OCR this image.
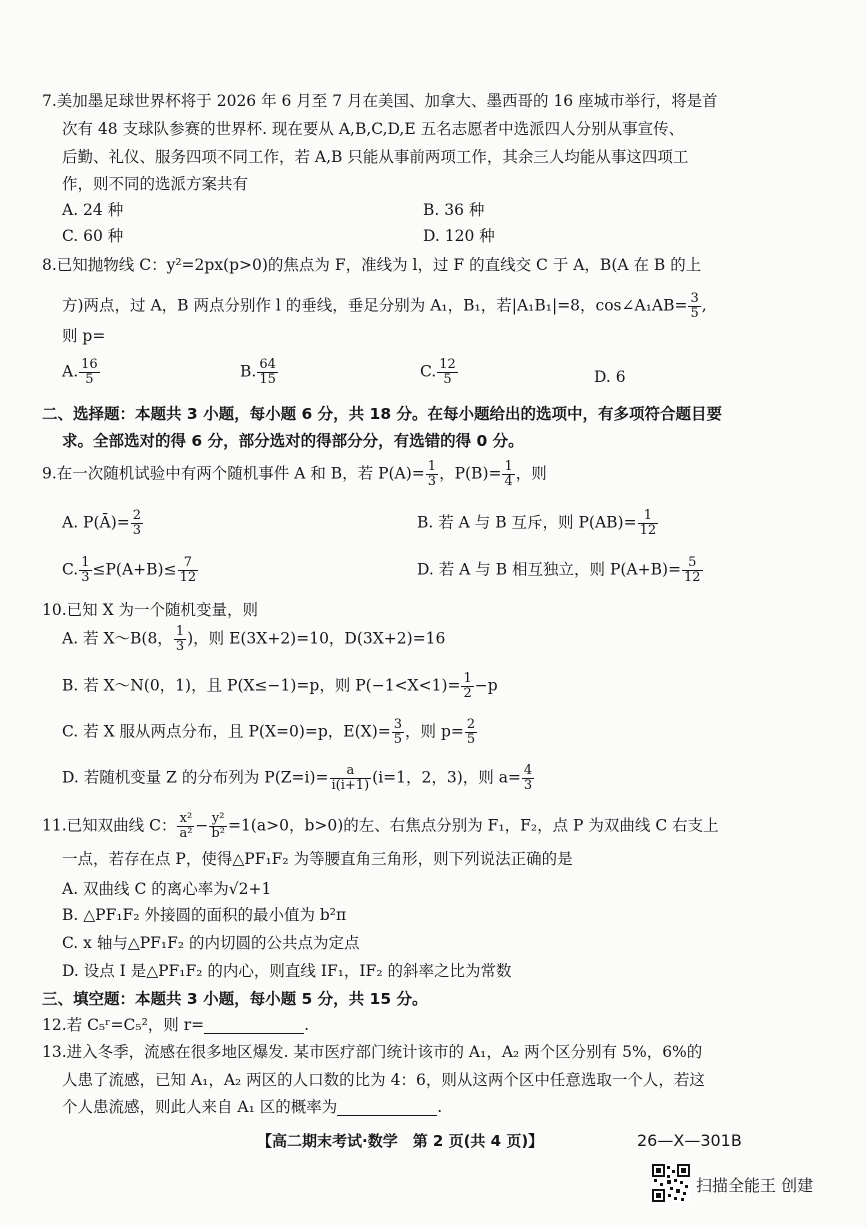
7.美加墨足球世界杯将于 2026 年 6 月至 7 月在美国、加拿大、墨西哥的 16 座城市举行，将是首
次有 48 支球队参赛的世界杯. 现在要从 A,B,C,D,E 五名志愿者中选派四人分别从事宣传、
后勤、礼仪、服务四项不同工作，若 A,B 只能从事前两项工作，其余三人均能从事这四项工
作，则不同的选派方案共有
A. 24 种	B. 36 种
C. 60 种	D. 120 种
8.已知抛物线 C：y²=2px(p>0)的焦点为 F，准线为 l，过 F 的直线交 C 于 A，B(A 在 B 的上
方)两点，过 A，B 两点分别作 l 的垂线，垂足分别为 A₁，B₁，若|A₁B₁|=8，cos∠A₁AB= $\frac{3}{5}$ ,
则 p=
A. $\frac{16}{5}$	B. $\frac{64}{15}$	C. $\frac{12}{5}$	D. 6
二、选择题：本题共 3 小题，每小题 6 分，共 18 分。在每小题给出的选项中，有多项符合题目要
求。全部选对的得 6 分，部分选对的得部分分，有选错的得 0 分。
9.在一次随机试验中有两个随机事件 A 和 B，若 $P(A)= \frac{1}{3}$ ，$P(B)= \frac{1}{4}$ ，则
A. P(Ā)= $\frac{2}{3}$	B. 若 A 与 B 互斥，则 $P(AB)= \frac{1}{12}$
C. $\frac{1}{3} \le P(A+B)\le \frac{7}{12}$	D. 若 A 与 B 相互独立，则 $P(A+B)= \frac{5}{12}$
10.已知 X 为一个随机变量，则
A. 若 X～B(8， $\frac{1}{3}$ )，则 E(3X+2)=10，D(3X+2)=16
B. 若 X～N(0，1)，且 P(X≤−1)=p，则 $P(-1<X<1)= \frac{1}{2} -p$
C. 若 X 服从两点分布，且 P(X=0)=p，$E(X)= \frac{3}{5}$ ，则 $p= \frac{2}{5}$
D. 若随机变量 Z 的分布列为 $P(Z=i)= \frac{a}{i(i+1)} (i=1$，2，3)，则 $a= \frac{4}{3}$
11.已知双曲线 C： $\frac{\text{x²}}{\text{a²}} - \frac{\text{y²}}{\text{b²}} =1(a>0$，b>0)的左、右焦点分别为 F₁，F₂，点 P 为双曲线 C 右支上
一点，若存在点 P，使得△PF₁F₂ 为等腰直角三角形，则下列说法正确的是
A. 双曲线 C 的离心率为√2+1
B. △PF₁F₂ 外接圆的面积的最小值为 b²π
C. x 轴与△PF₁F₂ 的内切圆的公共点为定点
D. 设点 I 是△PF₁F₂ 的内心，则直线 IF₁，IF₂ 的斜率之比为常数
三、填空题：本题共 3 小题，每小题 5 分，共 15 分。
12.若 C₅ʳ=C₅²，则 r=	.
13.进入冬季，流感在很多地区爆发. 某市医疗部门统计该市的 A₁，A₂ 两个区分别有 5%，6%的
人患了流感，已知 A₁，A₂ 两区的人口数的比为 4：6，则从这两个区中任意选取一个人，若这
个人患流感，则此人来自 A₁ 区的概率为	.
【高二期末考试·数学　第 2 页(共 4 页)】	26—X—301B
扫描全能王 创建
